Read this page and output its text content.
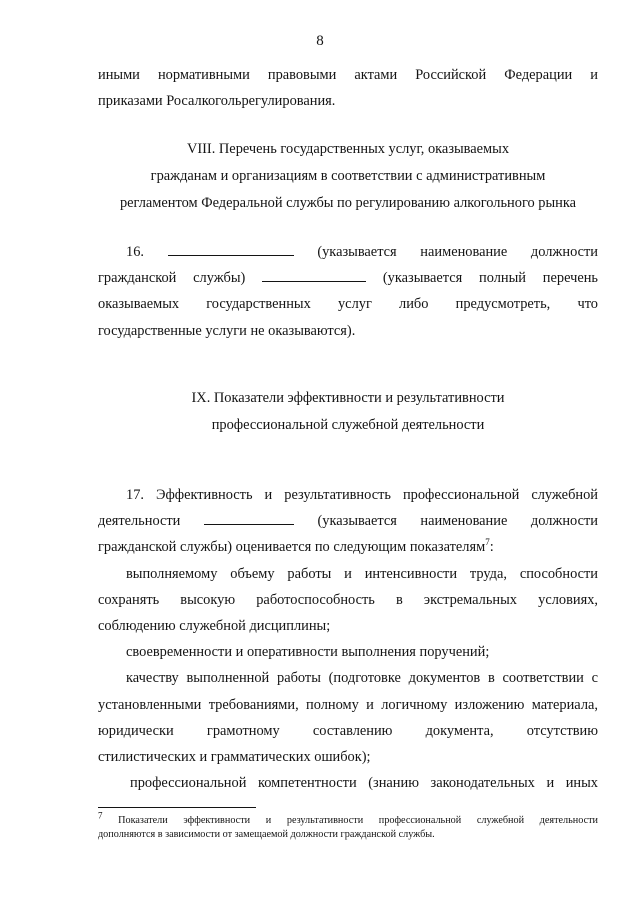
8
иными нормативными правовыми актами Российской Федерации и
приказами Росалкогольрегулирования.
VIII. Перечень государственных услуг, оказываемых
гражданам и организациям в соответствии с административным
регламентом Федеральной службы по регулированию алкогольного рынка
16.	(указывается наименование должности
гражданской службы)	(указывается полный перечень
оказываемых государственных услуг либо предусмотреть, что
государственные услуги не оказываются).
IX. Показатели эффективности и результативности
профессиональной служебной деятельности
17. Эффективность и результативность профессиональной служебной
деятельности	(указывается наименование должности
гражданской службы) оценивается по следующим показателям$^7$:
выполняемому объему работы и интенсивности труда, способности
сохранять высокую работоспособность в экстремальных условиях,
соблюдению служебной дисциплины;
своевременности и оперативности выполнения поручений;
качеству выполненной работы (подготовке документов в соответствии с
установленными требованиями, полному и логичному изложению материала,
юридически грамотному составлению документа, отсутствию
стилистических и грамматических ошибок);
профессиональной компетентности (знанию законодательных и иных
$^7$ Показатели эффективности и результативности профессиональной служебной деятельности
дополняются в зависимости от замещаемой должности гражданской службы.
